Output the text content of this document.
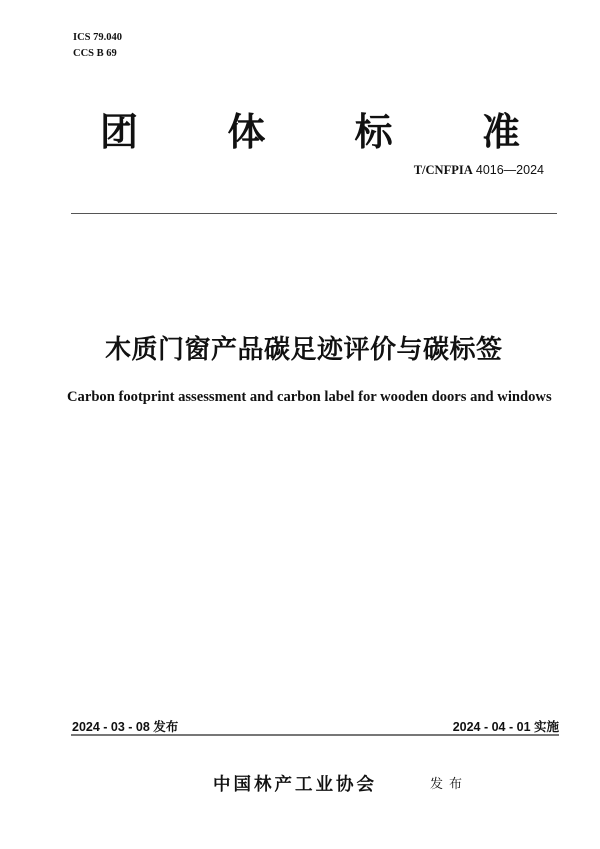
ICS 79.040
CCS B 69
团 体 标 准
T/CNFPIA 4016—2024
木质门窗产品碳足迹评价与碳标签
Carbon footprint assessment and carbon label for wooden doors and windows
2024 - 03 - 08 发布	2024 - 04 - 01 实施
中国林产工业协会	发布
